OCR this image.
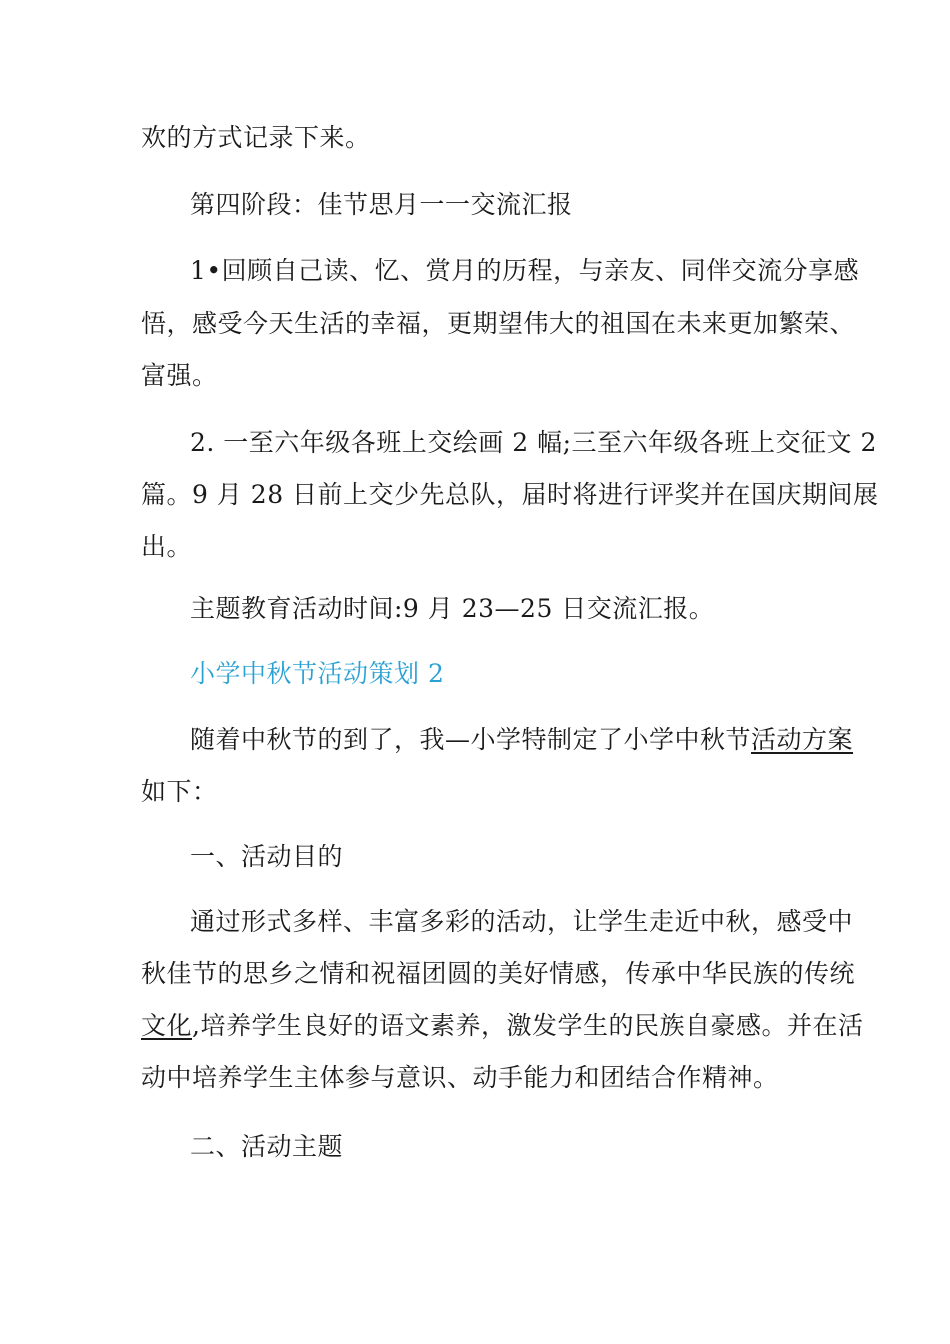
欢的方式记录下来。
第四阶段：佳节思月一一交流汇报
1•回顾自己读、忆、赏月的历程，与亲友、同伴交流分享感
悟，感受今天生活的幸福，更期望伟大的祖国在未来更加繁荣、
富强。
2. 一至六年级各班上交绘画 2 幅;三至六年级各班上交征文 2
篇。9 月 28 日前上交少先总队，届时将进行评奖并在国庆期间展
出。
主题教育活动时间:9 月 23—25 日交流汇报。
小学中秋节活动策划 2
随着中秋节的到了，我—小学特制定了小学中秋节活动方案
如下：
一、活动目的
通过形式多样、丰富多彩的活动，让学生走近中秋，感受中
秋佳节的思乡之情和祝福团圆的美好情感，传承中华民族的传统
文化,培养学生良好的语文素养，激发学生的民族自豪感。并在活
动中培养学生主体参与意识、动手能力和团结合作精神。
二、活动主题
